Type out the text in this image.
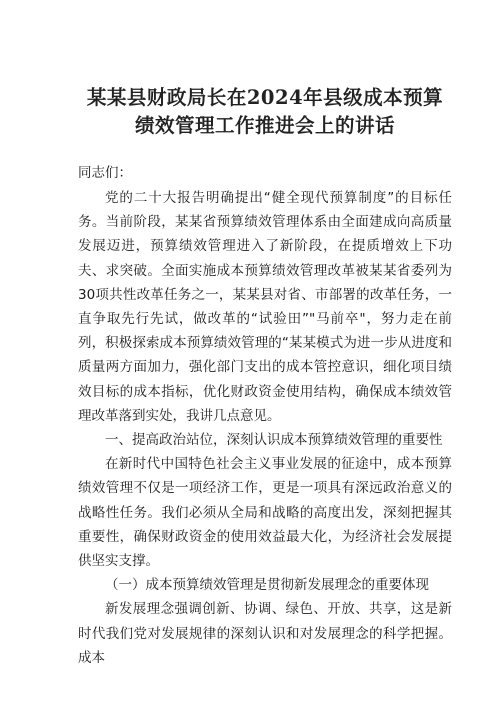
某某县财政局长在2024年县级成本预算
绩效管理工作推进会上的讲话

同志们：

党的二十大报告明确提出“健全现代预算制度”的目标任务。当前阶段，某某省预算绩效管理体系由全面建成向高质量发展迈进，预算绩效管理进入了新阶段，在提质增效上下功夫、求突破。全面实施成本预算绩效管理改革被某某省委列为30项共性改革任务之一，某某县对省、市部署的改革任务，一直争取先行先试，做改革的“试验田”"马前卒"，努力走在前列，积极探索成本预算绩效管理的“某某模式为进一步从进度和质量两方面加力，强化部门支出的成本管控意识，细化项目绩效目标的成本指标，优化财政资金使用结构，确保成本绩效管理改革落到实处，我讲几点意见。

一、提高政治站位，深刻认识成本预算绩效管理的重要性

在新时代中国特色社会主义事业发展的征途中，成本预算绩效管理不仅是一项经济工作，更是一项具有深远政治意义的战略性任务。我们必须从全局和战略的高度出发，深刻把握其重要性，确保财政资金的使用效益最大化，为经济社会发展提供坚实支撑。

（一）成本预算绩效管理是贯彻新发展理念的重要体现

新发展理念强调创新、协调、绿色、开放、共享，这是新时代我们党对发展规律的深刻认识和对发展理念的科学把握。成本
